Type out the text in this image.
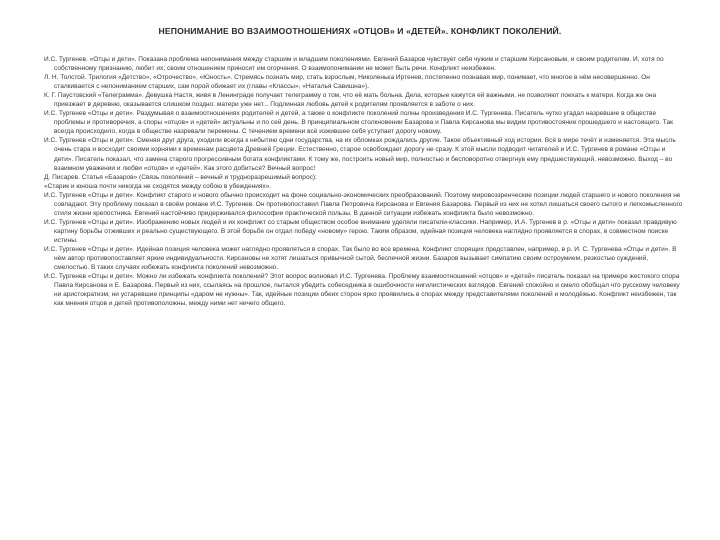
НЕПОНИМАНИЕ ВО ВЗАИМООТНОШЕНИЯХ «ОТЦОВ» И «ДЕТЕЙ». КОНФЛИКТ ПОКОЛЕНИЙ.

И.С. Тургенев. «Отцы и дети». Показана проблема непонимания между старшим и младшим поколениями. Евгений Базаров чувствует себя чужим и старшим Кирсановым, и своим родителям. И, хотя по собственному признанию, любит их, своим отношением приносит им огорчения. О взаимопонимании не может быть речи. Конфликт неизбежен.

Л. Н. Толстой. Трилогия «Детство», «Отрочество», «Юность». Стремясь познать мир, стать взрослым, Николенька Иртенев, постепенно познавая мир, понимает, что многое в нём несовершенно. Он сталкивается с непониманием старших, сам порой обижает их (главы «Классы», «Наталья Савишна»).

К. Г. Паустовский «Телеграмма». Девушка Настя, живя в Ленинграде получает телеграмму о том, что её мать больна. Дела, которые кажутся ей важными, не позволяют поехать к матери. Когда же она приезжает в деревню, оказывается слишком поздно: матери уже нет... Подлинная любовь детей к родителям проявляется в заботе о них.

И.С. Тургенев «Отцы и дети». Раздумывая о взаимоотношениях родителей и детей, а также о конфликте поколений полны произведения И.С. Тургенева. Писатель чутко угадал назревшие в обществе проблемы и противоречия, а споры «отцов» и «детей» актуальны и по сей день. В принципиальном столкновении Базарова и Павла Кирсанова мы видим противостояние прошедшего и настоящего. Так всегда происходило, когда в обществе назревали перемены. С течением времени всё изжившее себя уступает дорогу новому.

И.С. Тургенев «Отцы и дети». Сменяя друг друга, уходили всегда к небытию сдни государства, на их обломках рождались другие. Такое объективный ход истории. Всё в мире течёт и изменяется. Эта мысль очень стара и восходит своими корнями к временам расцвета Древней Греции. Естественно, старое освобождает дорогу не сразу. К этой мысли подводит читателей и И.С. Тургенев в романе «Отцы и дети». Писатель показал, что замена старого прогрессивным богата конфликтами. К тому же, построить новый мир, полностью и бесповоротно отвергнув ему предшествующий, невозможно. Выход – во взаимном уважении и любви «отцов» и «детей». Как этого добиться? Вечный вопрос!

Д. Писарев. Статья «Базаров» (Связь поколений – вечный и трудноразрешимый вопрос):

«Старик и юноша почти никогда не сходятся между собою в убеждениях».

И.С. Тургенев «Отцы и дети». Конфликт старого и нового обычно происходит на фоне социально-экономических преобразований. Поэтому мировоззренческие позиции людей старшего и нового поколения не совпадают. Эту проблему показал в своём романе И.С. Тургенев. Он противопоставил Павла Петровича Кирсанова и Евгения Базарова. Первый из них не хотел лишаться своего сытого и легкомысленного стиля жизни крепостника. Евгений настойчиво придерживался философии практической пользы. В данной ситуации избежать конфликта было невозможно.

И.С. Тургенев «Отцы и дети». Изображению новых людей и их конфликт со старым обществом особое внимание уделяли писатели-классики. Например, И.А. Тургенев в р. «Отцы и дети» показал правдивую картину борьбы отживших и реально существующего. В этой борьбе он отдал победу «новому» герою. Таким образом, идейная позиция человека наглядно проявляется в спорах, в совместном поиске истины.

И.С. Тургенев «Отцы и дети». Идейная позиция человека может наглядно проявляться в спорах. Так было во все времена. Конфликт спорящих представлен, например, в р. И. С. Тургенева «Отцы и дети». В нём автор противопоставляет яркие индивидуальности. Кирсановы не хотят лишаться привычной сытой, беспечной жизни. Базаров вызывает симпатию своим остроумием, резкостью суждений, смелостью. В таких случаях избежать конфликта поколений невозможно.

И.С. Тургенев «Отцы и дети». Можно ли избежать конфликта поколений? Этот вопрос волновал И.С. Тургенева. Проблему взаимоотношений «отцов» и «детей» писатель показал на примере жестокого спора Павла Кирсанова и Е. Базарова. Первый из них, ссылаясь на прошлое, пытался убедить собеседника в ошибочности нигилистических взглядов. Евгений спокойно и смело обобщал что русскому человеку ни аристократизм, ни устаревшие принципы «даром не нужны». Так, идейные позиции обеих сторон ярко проявились в спорах между представителями поколений и молодёжью. Конфликт неизбежен, так как мнения отцов и детей противоположны, между ними нет ничего общего.
